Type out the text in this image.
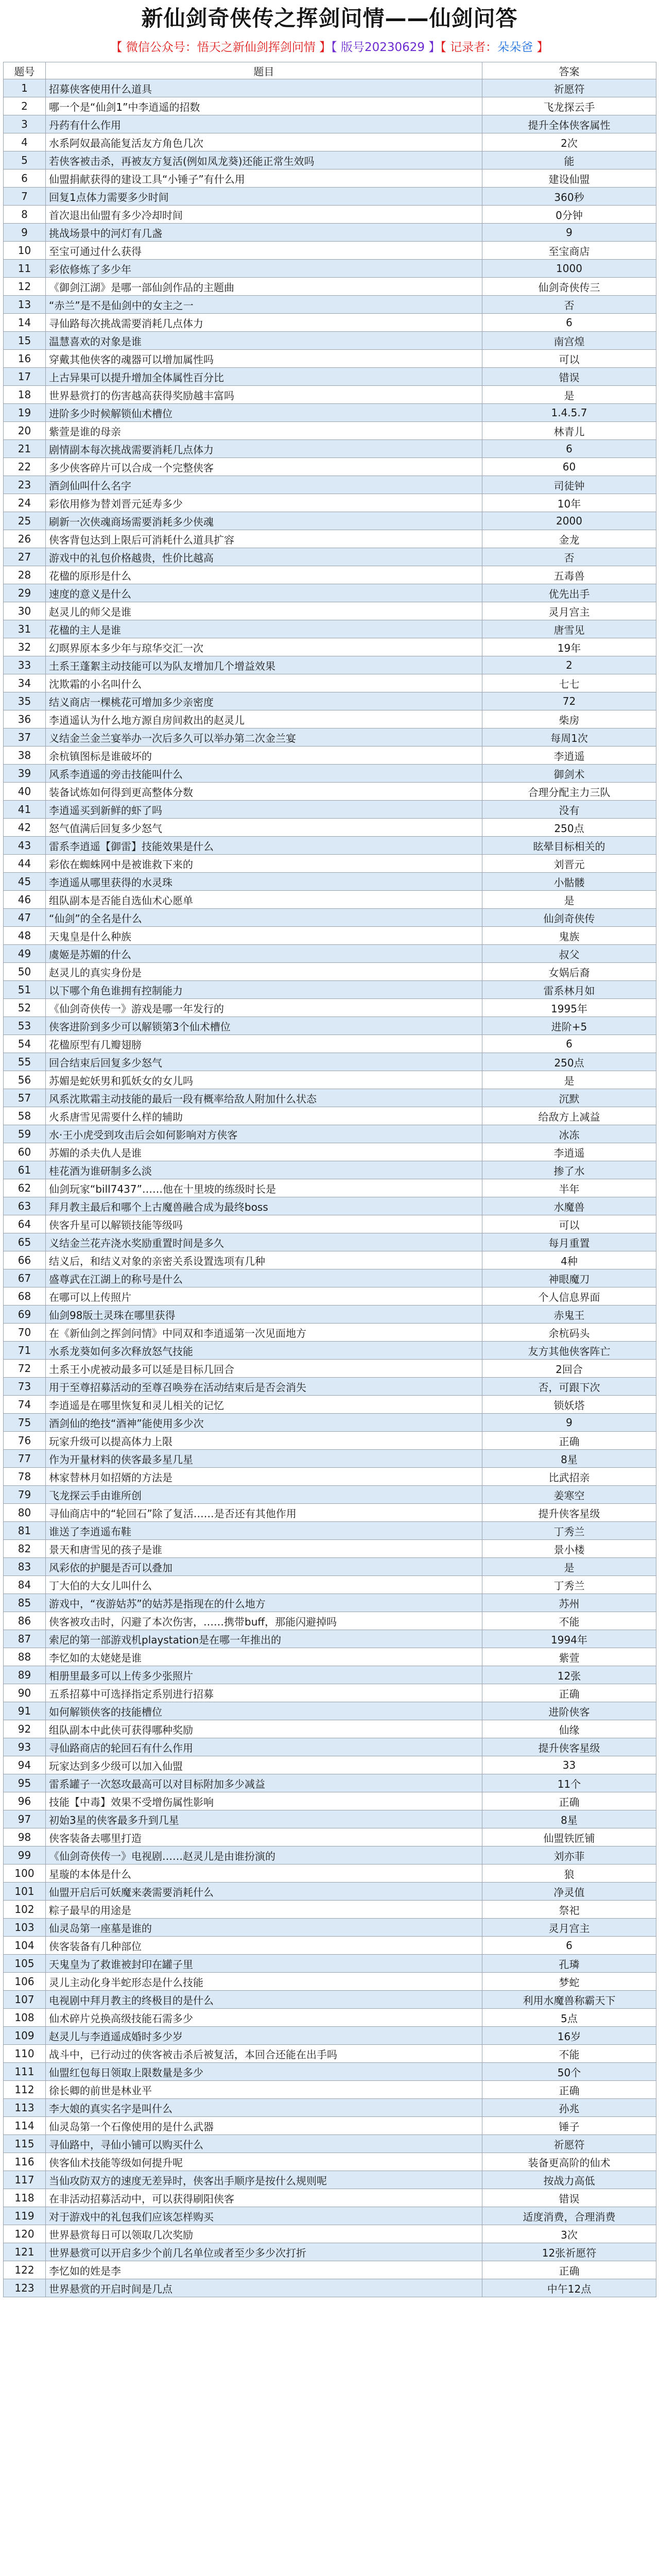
新仙剑奇侠传之挥剑问情——仙剑问答
【 微信公众号：悟天之新仙剑挥剑问情 】【 版号20230629 】【 记录者：朵朵爸 】
题号	题目	答案
1	招募侠客使用什么道具	祈愿符
2	哪一个是“仙剑1”中李逍遥的招数	飞龙探云手
3	丹药有什么作用	提升全体侠客属性
4	水系阿奴最高能复活友方角色几次	2次
5	若侠客被击杀，再被友方复活(例如凤龙葵)还能正常生效吗	能
6	仙盟捐献获得的建设工具“小锤子”有什么用	建设仙盟
7	回复1点体力需要多少时间	360秒
8	首次退出仙盟有多少冷却时间	0分钟
9	挑战场景中的河灯有几盏	9
10	至宝可通过什么获得	至宝商店
11	彩依修炼了多少年	1000
12	《御剑江湖》是哪一部仙剑作品的主题曲	仙剑奇侠传三
13	“赤兰”是不是仙剑中的女主之一	否
14	寻仙路每次挑战需要消耗几点体力	6
15	温慧喜欢的对象是谁	南宫煌
16	穿戴其他侠客的魂器可以增加属性吗	可以
17	上古异果可以提升增加全体属性百分比	错误
18	世界悬赏打的伤害越高获得奖励越丰富吗	是
19	进阶多少时候解锁仙术槽位	1.4.5.7
20	紫萱是谁的母亲	林青儿
21	剧情副本每次挑战需要消耗几点体力	6
22	多少侠客碎片可以合成一个完整侠客	60
23	酒剑仙叫什么名字	司徒钟
24	彩依用修为替刘晋元延寿多少	10年
25	刷新一次侠魂商场需要消耗多少侠魂	2000
26	侠客背包达到上限后可消耗什么道具扩容	金龙
27	游戏中的礼包价格越贵，性价比越高	否
28	花楹的原形是什么	五毒兽
29	速度的意义是什么	优先出手
30	赵灵儿的师父是谁	灵月宫主
31	花楹的主人是谁	唐雪见
32	幻暝界原本多少年与琼华交汇一次	19年
33	土系王蓬絮主动技能可以为队友增加几个增益效果	2
34	沈欺霜的小名叫什么	七七
35	结义商店一棵桃花可增加多少亲密度	72
36	李逍遥认为什么地方源自房间救出的赵灵儿	柴房
37	义结金兰金兰宴举办一次后多久可以举办第二次金兰宴	每周1次
38	余杭镇图标是谁破坏的	李逍遥
39	风系李逍遥的旁击技能叫什么	御剑术
40	装备试炼如何得到更高整体分数	合理分配主力三队
41	李逍遥买到新鲜的虾了吗	没有
42	怒气值满后回复多少怒气	250点
43	雷系李逍遥【御雷】技能效果是什么	眩晕目标相关的
44	彩依在蜘蛛网中是被谁救下来的	刘晋元
45	李逍遥从哪里获得的水灵珠	小骷髅
46	组队副本是否能自选仙术心愿单	是
47	“仙剑”的全名是什么	仙剑奇侠传
48	天鬼皇是什么种族	鬼族
49	虞姬是苏媚的什么	叔父
50	赵灵儿的真实身份是	女娲后裔
51	以下哪个角色谁拥有控制能力	雷系林月如
52	《仙剑奇侠传一》游戏是哪一年发行的	1995年
53	侠客进阶到多少可以解锁第3个仙术槽位	进阶+5
54	花楹原型有几瓣翅膀	6
55	回合结束后回复多少怒气	250点
56	苏媚是蛇妖男和狐妖女的女儿吗	是
57	风系沈欺霜主动技能的最后一段有概率给敌人附加什么状态	沉默
58	火系唐雪见需要什么样的辅助	给敌方上减益
59	水·王小虎受到攻击后会如何影响对方侠客	冰冻
60	苏媚的杀夫仇人是谁	李逍遥
61	桂花酒为谁研制多么淡	掺了水
62	仙剑玩家“bill7437”……他在十里坡的练级时长是	半年
63	拜月教主最后和哪个上古魔兽融合成为最终boss	水魔兽
64	侠客升星可以解锁技能等级吗	可以
65	义结金兰花卉浇水奖励重置时间是多久	每月重置
66	结义后，和结义对象的亲密关系设置选项有几种	4种
67	盛尊武在江湖上的称号是什么	神眼魔刀
68	在哪可以上传照片	个人信息界面
69	仙剑98版土灵珠在哪里获得	赤鬼王
70	在《新仙剑之挥剑问情》中同双和李逍遥第一次见面地方	余杭码头
71	水系龙葵如何多次释放怒气技能	友方其他侠客阵亡
72	土系王小虎被动最多可以延是目标几回合	2回合
73	用于至尊招募活动的至尊召唤券在活动结束后是否会消失	否，可跟下次
74	李逍遥是在哪里恢复和灵儿相关的记忆	锁妖塔
75	酒剑仙的绝技“酒神”能使用多少次	9
76	玩家升级可以提高体力上限	正确
77	作为开量材料的侠客最多星几星	8星
78	林家替林月如招婿的方法是	比武招亲
79	飞龙探云手由谁所创	姜寒空
80	寻仙商店中的“轮回石”除了复活……是否还有其他作用	提升侠客星级
81	谁送了李逍遥布鞋	丁秀兰
82	景天和唐雪见的孩子是谁	景小楼
83	风彩依的护腿是否可以叠加	是
84	丁大伯的大女儿叫什么	丁秀兰
85	游戏中，“夜游姑苏”的姑苏是指现在的什么地方	苏州
86	侠客被攻击时，闪避了本次伤害，……携带buff，那能闪避掉吗	不能
87	索尼的第一部游戏机playstation是在哪一年推出的	1994年
88	李忆如的太姥姥是谁	紫萱
89	相册里最多可以上传多少张照片	12张
90	五系招募中可选择指定系别进行招募	正确
91	如何解锁侠客的技能槽位	进阶侠客
92	组队副本中此侠可获得哪种奖励	仙缘
93	寻仙路商店的轮回石有什么作用	提升侠客星级
94	玩家达到多少级可以加入仙盟	33
95	雷系罐子一次怒攻最高可以对目标附加多少减益	11个
96	技能【中毒】效果不受增伤属性影响	正确
97	初始3星的侠客最多升到几星	8星
98	侠客装备去哪里打造	仙盟铁匠铺
99	《仙剑奇侠传一》电视剧……赵灵儿是由谁扮演的	刘亦菲
100	星璇的本体是什么	狼
101	仙盟开启后可妖魔来袭需要消耗什么	净灵值
102	粽子最早的用途是	祭祀
103	仙灵岛第一座墓是谁的	灵月宫主
104	侠客装备有几种部位	6
105	天鬼皇为了救谁被封印在罐子里	孔璘
106	灵儿主动化身半蛇形态是什么技能	梦蛇
107	电视剧中拜月教主的终极目的是什么	利用水魔兽称霸天下
108	仙术碎片兑换高级技能石需多少	5点
109	赵灵儿与李逍遥成婚时多少岁	16岁
110	战斗中，已行动过的侠客被击杀后被复活，本回合还能在出手吗	不能
111	仙盟红包每日领取上限数量是多少	50个
112	徐长卿的前世是林业平	正确
113	李大娘的真实名字是叫什么	孙兆
114	仙灵岛第一个石像使用的是什么武器	锤子
115	寻仙路中，寻仙小铺可以购买什么	祈愿符
116	侠客仙术技能等级如何提升呢	装备更高阶的仙术
117	当仙攻防双方的速度无差异时，侠客出手顺序是按什么规则呢	按战力高低
118	在非活动招募活动中，可以获得刷阳侠客	错误
119	对于游戏中的礼包我们应该怎样购买	适度消费，合理消费
120	世界悬赏每日可以领取几次奖励	3次
121	世界悬赏可以开启多少个前几名单位或者至少多少次打折	12张祈愿符
122	李忆如的姓是李	正确
123	世界悬赏的开启时间是几点	中午12点
